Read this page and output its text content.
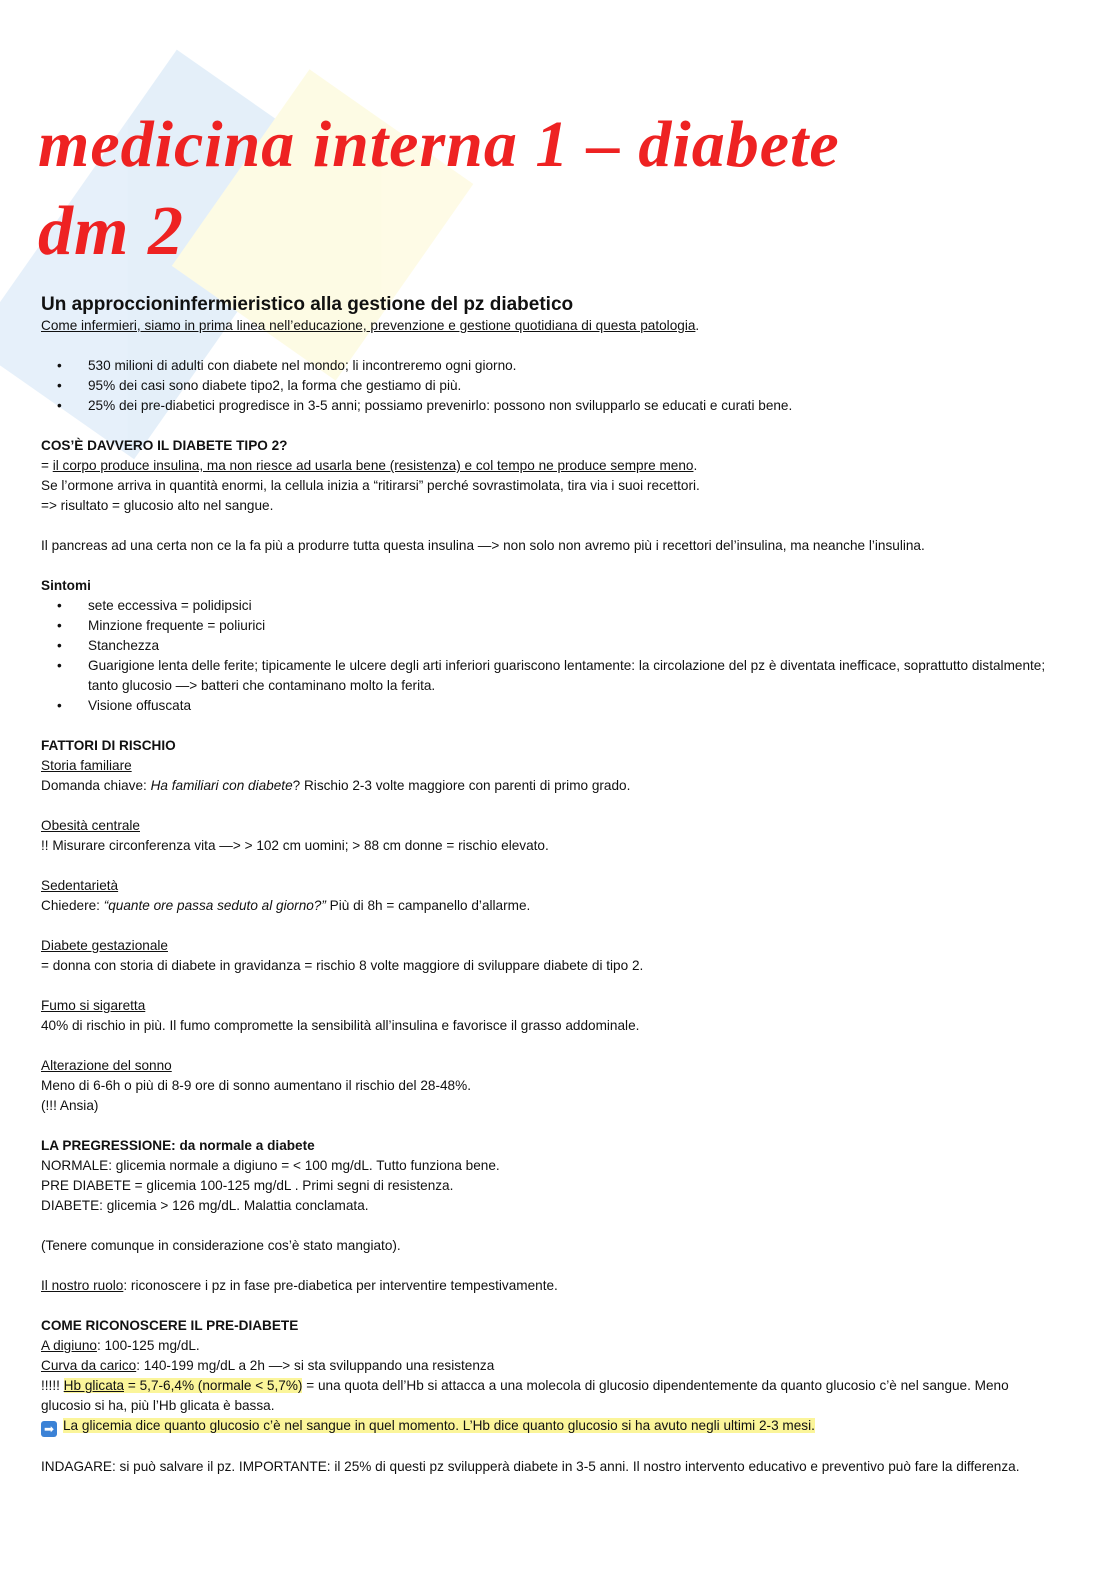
medicina interna 1 – diabete
dm 2
Un approccioninfermieristico alla gestione del pz diabetico
Come infermieri, siamo in prima linea nell’educazione, prevenzione e gestione quotidiana di questa patologia.
• 530 milioni di adulti con diabete nel mondo; li incontreremo ogni giorno.
• 95% dei casi sono diabete tipo2, la forma che gestiamo di più.
• 25% dei pre-diabetici progredisce in 3-5 anni; possiamo prevenirlo: possono non svilupparlo se educati e curati bene.
COS’È DAVVERO IL DIABETE TIPO 2?
= il corpo produce insulina, ma non riesce ad usarla bene (resistenza) e col tempo ne produce sempre meno.
Se l’ormone arriva in quantità enormi, la cellula inizia a “ritirarsi” perché sovrastimolata, tira via i suoi recettori.
=> risultato = glucosio alto nel sangue.
Il pancreas ad una certa non ce la fa più a produrre tutta questa insulina —> non solo non avremo più i recettori del’insulina, ma neanche l’insulina.
Sintomi
• sete eccessiva = polidipsici
• Minzione frequente = poliurici
• Stanchezza
• Guarigione lenta delle ferite; tipicamente le ulcere degli arti inferiori guariscono lentamente: la circolazione del pz è diventata inefficace, soprattutto distalmente; tanto glucosio —> batteri che contaminano molto la ferita.
• Visione offuscata
FATTORI DI RISCHIO
Storia familiare
Domanda chiave: Ha familiari con diabete? Rischio 2-3 volte maggiore con parenti di primo grado.
Obesità centrale
!! Misurare circonferenza vita —> > 102 cm uomini; > 88 cm donne = rischio elevato.
Sedentarietà
Chiedere: “quante ore passa seduto al giorno?” Più di 8h = campanello d’allarme.
Diabete gestazionale
= donna con storia di diabete in gravidanza = rischio 8 volte maggiore di sviluppare diabete di tipo 2.
Fumo si sigaretta
40% di rischio in più. Il fumo compromette la sensibilità all’insulina e favorisce il grasso addominale.
Alterazione del sonno
Meno di 6-6h o più di 8-9 ore di sonno aumentano il rischio del 28-48%.
(!!! Ansia)
LA PREGRESSIONE: da normale a diabete
NORMALE: glicemia normale a digiuno = < 100 mg/dL. Tutto funziona bene.
PRE DIABETE = glicemia 100-125 mg/dL . Primi segni di resistenza.
DIABETE: glicemia > 126 mg/dL. Malattia conclamata.
(Tenere comunque in considerazione cos’è stato mangiato).
Il nostro ruolo: riconoscere i pz in fase pre-diabetica per interventire tempestivamente.
COME RICONOSCERE IL PRE-DIABETE
A digiuno: 100-125 mg/dL.
Curva da carico: 140-199 mg/dL a 2h —> si sta sviluppando una resistenza
!!!!! Hb glicata = 5,7-6,4% (normale < 5,7%) = una quota dell’Hb si attacca a una molecola di glucosio dipendentemente da quanto glucosio c’è nel sangue. Meno glucosio si ha, più l’Hb glicata è bassa.
➡ La glicemia dice quanto glucosio c’è nel sangue in quel momento. L’Hb dice quanto glucosio si ha avuto negli ultimi 2-3 mesi.
INDAGARE: si può salvare il pz. IMPORTANTE: il 25% di questi pz svilupperà diabete in 3-5 anni. Il nostro intervento educativo e preventivo può fare la differenza.
